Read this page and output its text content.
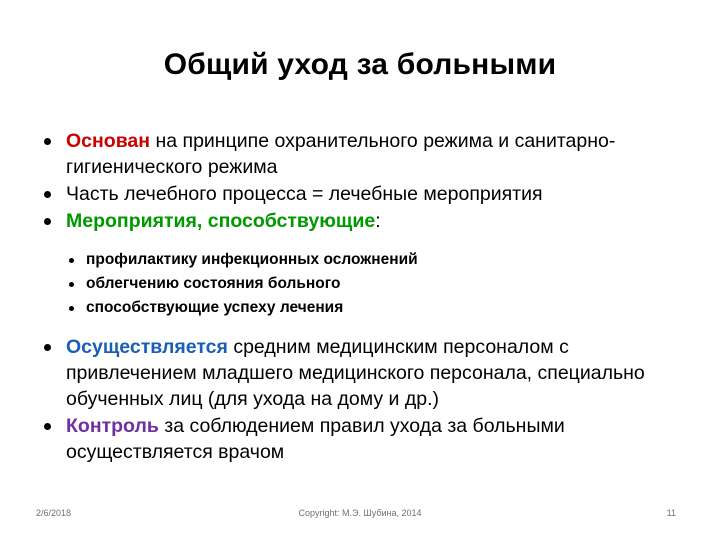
Общий уход за больными
Основан на принципе охранительного режима и санитарно-гигиенического режима
Часть лечебного процесса = лечебные мероприятия
Мероприятия, способствующие:
профилактику инфекционных осложнений
облегчению состояния больного
способствующие успеху лечения
Осуществляется средним медицинским персоналом с привлечением младшего медицинского персонала, специально обученных лиц (для ухода на дому и др.)
Контроль за соблюдением правил ухода за больными осуществляется врачом
2/6/2018	Copyright: М.Э. Шубина, 2014	11
